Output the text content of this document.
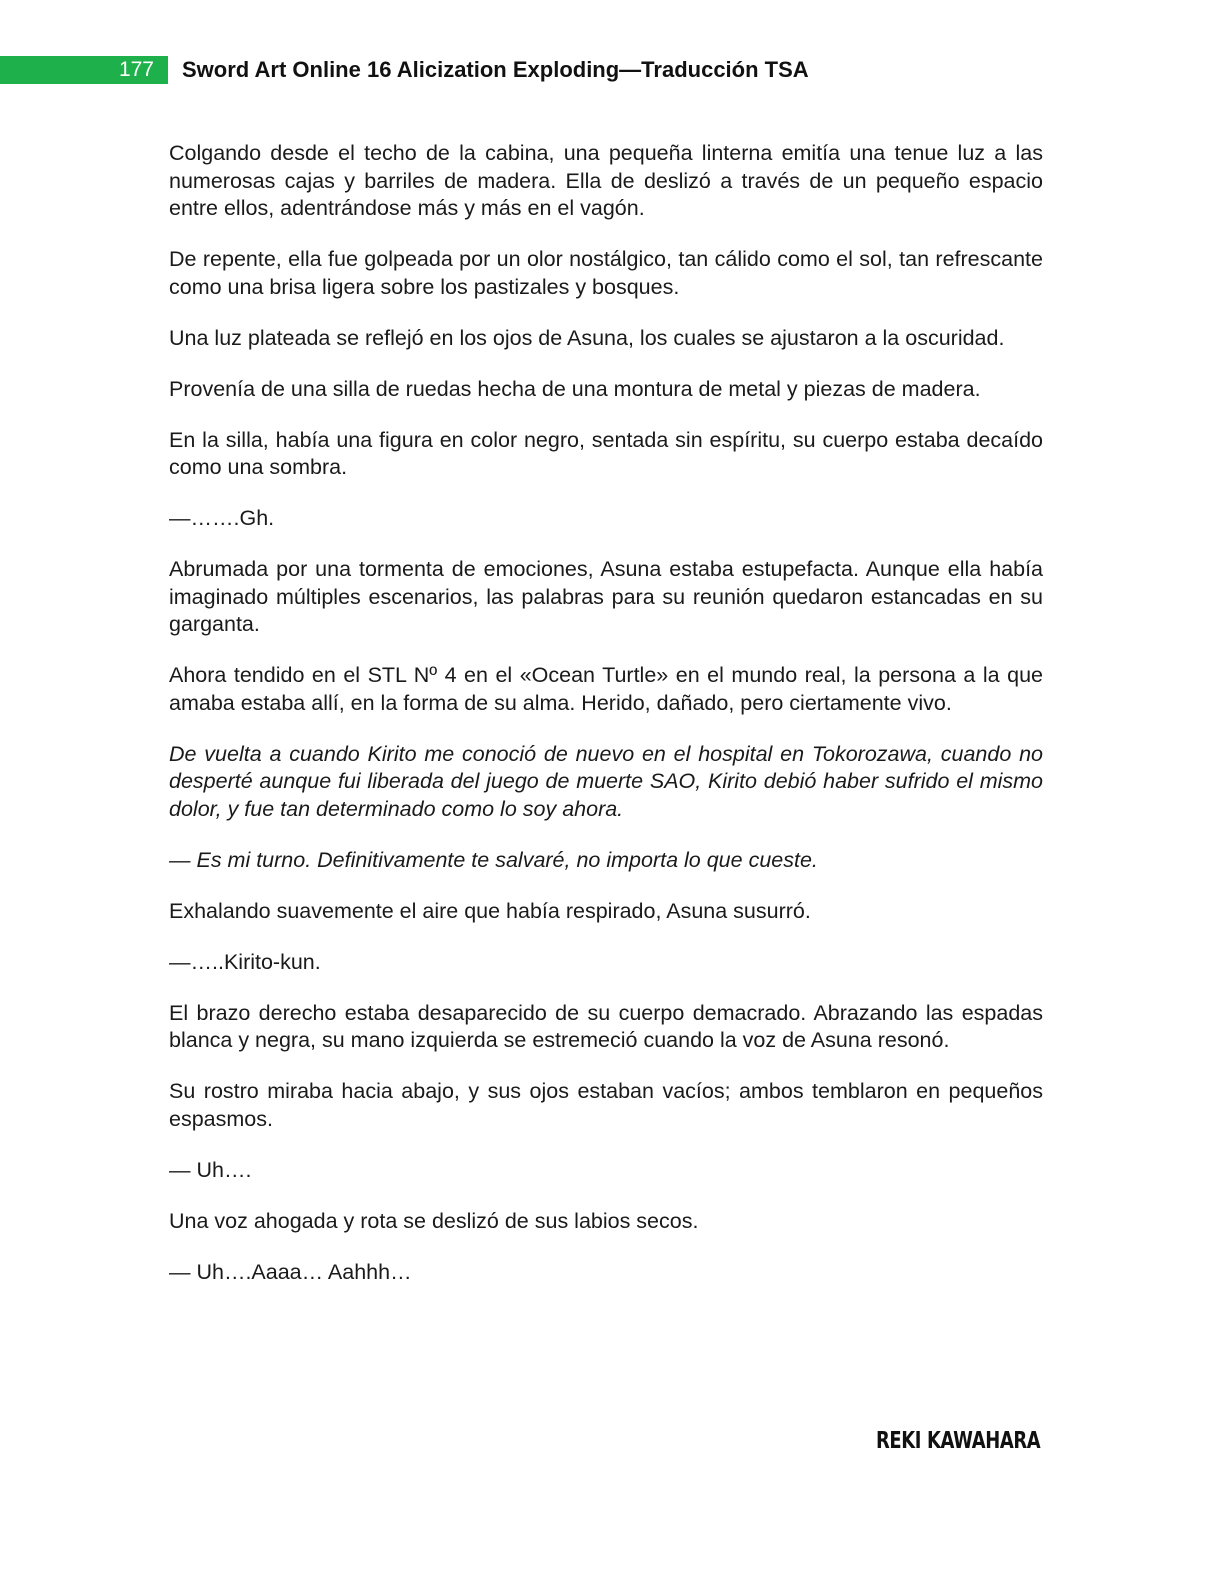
177	Sword Art Online 16 Alicization Exploding—Traducción TSA

Colgando desde el techo de la cabina, una pequeña linterna emitía una tenue luz a las numerosas cajas y barriles de madera. Ella de deslizó a través de un pequeño espacio entre ellos, adentrándose más y más en el vagón.

De repente, ella fue golpeada por un olor nostálgico, tan cálido como el sol, tan refrescante como una brisa ligera sobre los pastizales y bosques.

Una luz plateada se reflejó en los ojos de Asuna, los cuales se ajustaron a la oscuridad.

Provenía de una silla de ruedas hecha de una montura de metal y piezas de madera.

En la silla, había una figura en color negro, sentada sin espíritu, su cuerpo estaba decaído como una sombra.

—…….Gh.

Abrumada por una tormenta de emociones, Asuna estaba estupefacta. Aunque ella había imaginado múltiples escenarios, las palabras para su reunión quedaron estancadas en su garganta.

Ahora tendido en el STL Nº 4 en el «Ocean Turtle» en el mundo real, la persona a la que amaba estaba allí, en la forma de su alma. Herido, dañado, pero ciertamente vivo.

De vuelta a cuando Kirito me conoció de nuevo en el hospital en Tokorozawa, cuando no desperté aunque fui liberada del juego de muerte SAO, Kirito debió haber sufrido el mismo dolor, y fue tan determinado como lo soy ahora.

— Es mi turno. Definitivamente te salvaré, no importa lo que cueste.

Exhalando suavemente el aire que había respirado, Asuna susurró.

—…..Kirito-kun.

El brazo derecho estaba desaparecido de su cuerpo demacrado. Abrazando las espadas blanca y negra, su mano izquierda se estremeció cuando la voz de Asuna resonó.

Su rostro miraba hacia abajo, y sus ojos estaban vacíos; ambos temblaron en pequeños espasmos.

— Uh….

Una voz ahogada y rota se deslizó de sus labios secos.

— Uh….Aaaa… Aahhh…

REKI KAWAHARA
